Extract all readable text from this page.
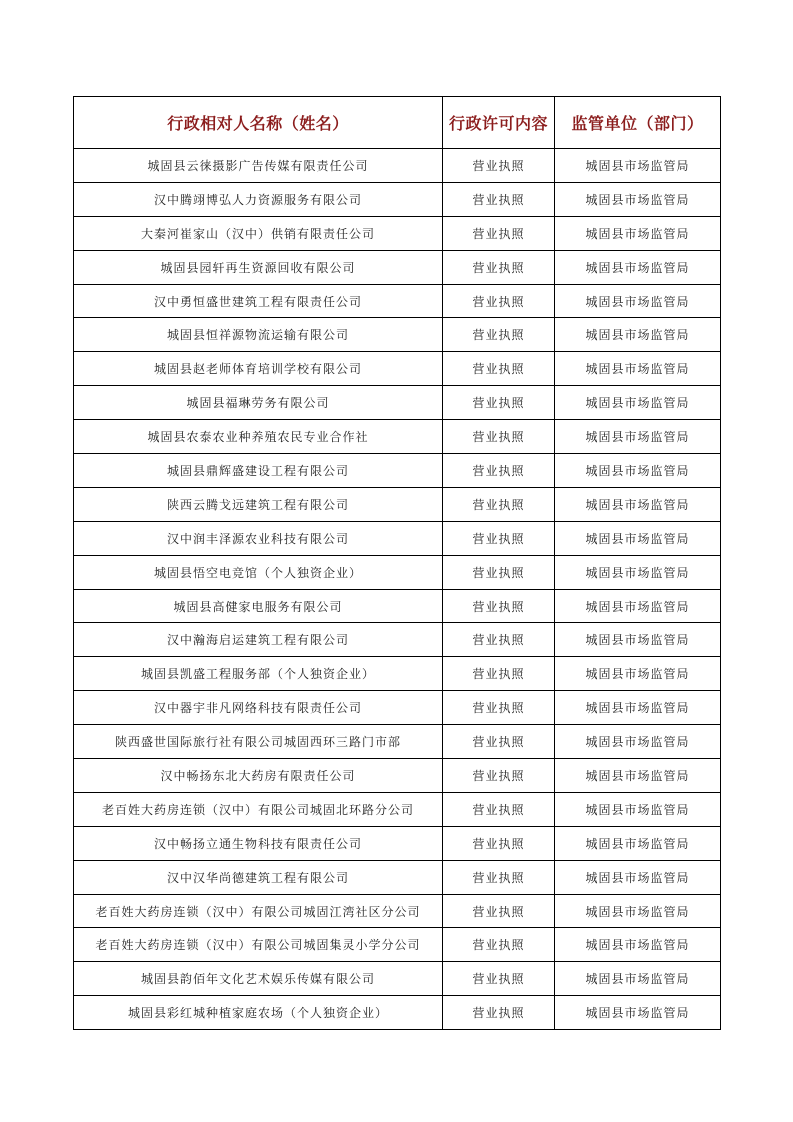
行政相对人名称（姓名）	行政许可内容	监管单位（部门）
城固县云徕摄影广告传媒有限责任公司	营业执照	城固县市场监管局
汉中腾翊博弘人力资源服务有限公司	营业执照	城固县市场监管局
大秦河崔家山（汉中）供销有限责任公司	营业执照	城固县市场监管局
城固县园轩再生资源回收有限公司	营业执照	城固县市场监管局
汉中勇恒盛世建筑工程有限责任公司	营业执照	城固县市场监管局
城固县恒祥源物流运输有限公司	营业执照	城固县市场监管局
城固县赵老师体育培训学校有限公司	营业执照	城固县市场监管局
城固县福琳劳务有限公司	营业执照	城固县市场监管局
城固县农泰农业种养殖农民专业合作社	营业执照	城固县市场监管局
城固县鼎辉盛建设工程有限公司	营业执照	城固县市场监管局
陕西云腾戈远建筑工程有限公司	营业执照	城固县市场监管局
汉中润丰泽源农业科技有限公司	营业执照	城固县市场监管局
城固县悟空电竞馆（个人独资企业）	营业执照	城固县市场监管局
城固县高健家电服务有限公司	营业执照	城固县市场监管局
汉中瀚海启运建筑工程有限公司	营业执照	城固县市场监管局
城固县凯盛工程服务部（个人独资企业）	营业执照	城固县市场监管局
汉中器宇非凡网络科技有限责任公司	营业执照	城固县市场监管局
陕西盛世国际旅行社有限公司城固西环三路门市部	营业执照	城固县市场监管局
汉中畅扬东北大药房有限责任公司	营业执照	城固县市场监管局
老百姓大药房连锁（汉中）有限公司城固北环路分公司	营业执照	城固县市场监管局
汉中畅扬立通生物科技有限责任公司	营业执照	城固县市场监管局
汉中汉华尚德建筑工程有限公司	营业执照	城固县市场监管局
老百姓大药房连锁（汉中）有限公司城固江湾社区分公司	营业执照	城固县市场监管局
老百姓大药房连锁（汉中）有限公司城固集灵小学分公司	营业执照	城固县市场监管局
城固县韵佰年文化艺术娱乐传媒有限公司	营业执照	城固县市场监管局
城固县彩红城种植家庭农场（个人独资企业）	营业执照	城固县市场监管局
